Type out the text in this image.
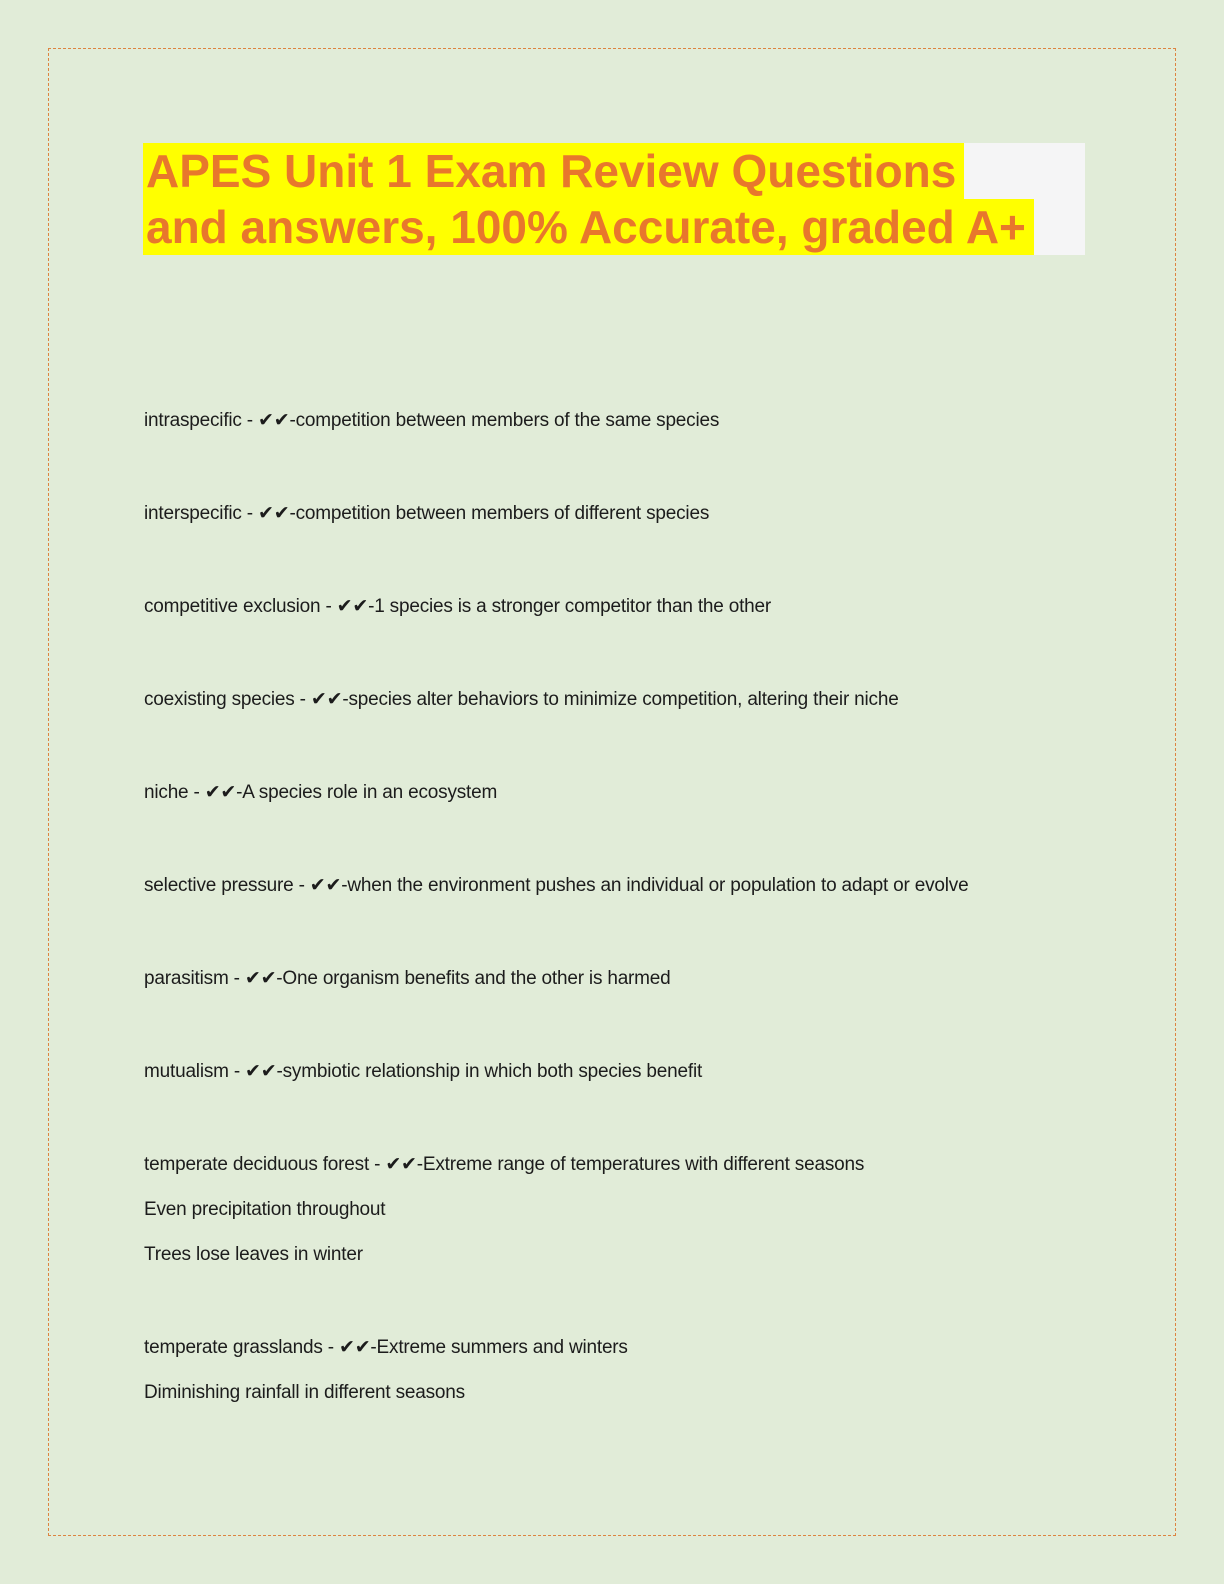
APES Unit 1 Exam Review Questions
and answers, 100% Accurate, graded A+
intraspecific - ✔✔-competition between members of the same species
interspecific - ✔✔-competition between members of different species
competitive exclusion - ✔✔-1 species is a stronger competitor than the other
coexisting species - ✔✔-species alter behaviors to minimize competition, altering their niche
niche - ✔✔-A species role in an ecosystem
selective pressure - ✔✔-when the environment pushes an individual or population to adapt or evolve
parasitism - ✔✔-One organism benefits and the other is harmed
mutualism - ✔✔-symbiotic relationship in which both species benefit
temperate deciduous forest - ✔✔-Extreme range of temperatures with different seasons
Even precipitation throughout
Trees lose leaves in winter
temperate grasslands - ✔✔-Extreme summers and winters
Diminishing rainfall in different seasons
